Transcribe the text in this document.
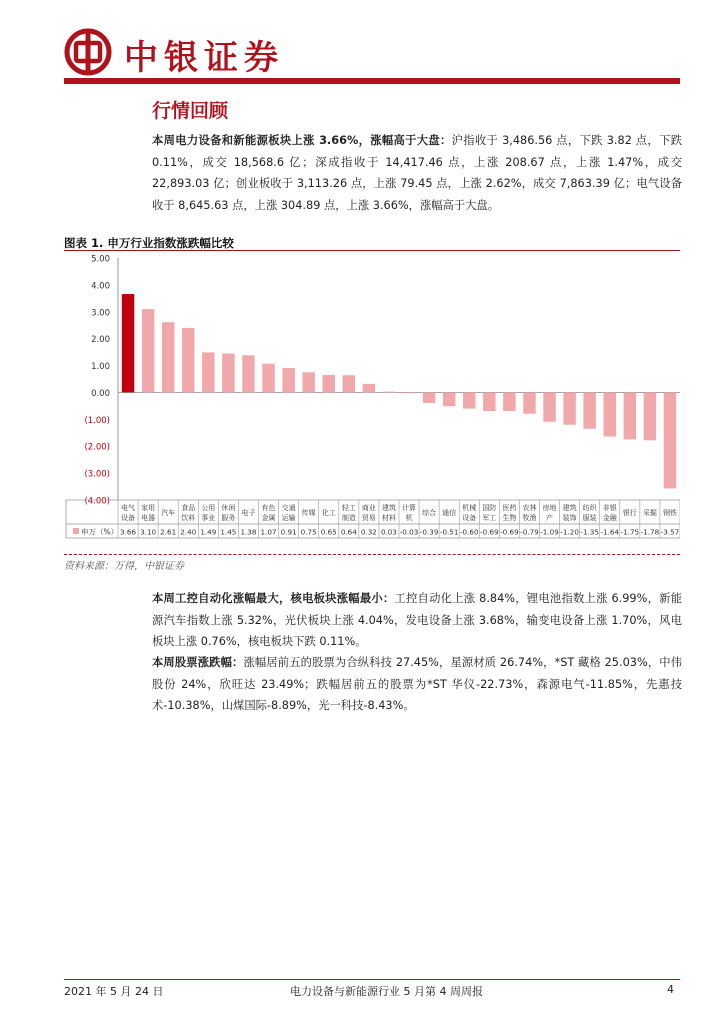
中银证券
行情回顾
本周电力设备和新能源板块上涨 3.66%，涨幅高于大盘：沪指收于 3,486.56 点，下跌 3.82 点，下跌 0.11%，成交 18,568.6 亿；深成指收于 14,417.46 点，上涨 208.67 点，上涨 1.47%，成交 22,893.03 亿；创业板收于 3,113.26 点，上涨 79.45 点，上涨 2.62%，成交 7,863.39 亿；电气设备收于 8,645.63 点，上涨 304.89 点，上涨 3.66%，涨幅高于大盘。
图表 1. 申万行业指数涨跌幅比较
5.00
4.00
3.00
2.00
1.00
0.00
(1.00)
(2.00)
(3.00)
(4.00)
申万（%）
电气
设备
3.66
家用
电器
3.10
汽车
2.61
食品
饮料
2.40
公用
事业
1.49
休闲
服务
1.45
电子
1.38
有色
金属
1.07
交通
运输
0.91
传媒
0.75
化工
0.65
轻工
制造
0.64
商业
贸易
0.32
建筑
材料
0.03
计算
机
-0.03
综合
-0.39
通信
-0.51
机械
设备
-0.60
国防
军工
-0.69
医药
生物
-0.69
农林
牧渔
-0.79
房地
产
-1.09
建筑
装饰
-1.20
纺织
服装
-1.35
非银
金融
-1.64
银行
-1.75
采掘
-1.78
钢铁
-3.57
资料来源：万得，中银证券
本周工控自动化涨幅最大，核电板块涨幅最小：工控自动化上涨 8.84%，锂电池指数上涨 6.99%，新能源汽车指数上涨 5.32%，光伏板块上涨 4.04%，发电设备上涨 3.68%，输变电设备上涨 1.70%，风电板块上涨 0.76%，核电板块下跌 0.11%。
本周股票涨跌幅：涨幅居前五的股票为合纵科技 27.45%，星源材质 26.74%，*ST 藏格 25.03%，中伟股份 24%，欣旺达 23.49%；跌幅居前五的股票为*ST 华仪-22.73%，森源电气-11.85%，先惠技术-10.38%，山煤国际-8.89%，光一科技-8.43%。
2021 年 5 月 24 日	电力设备与新能源行业 5 月第 4 周周报	4
